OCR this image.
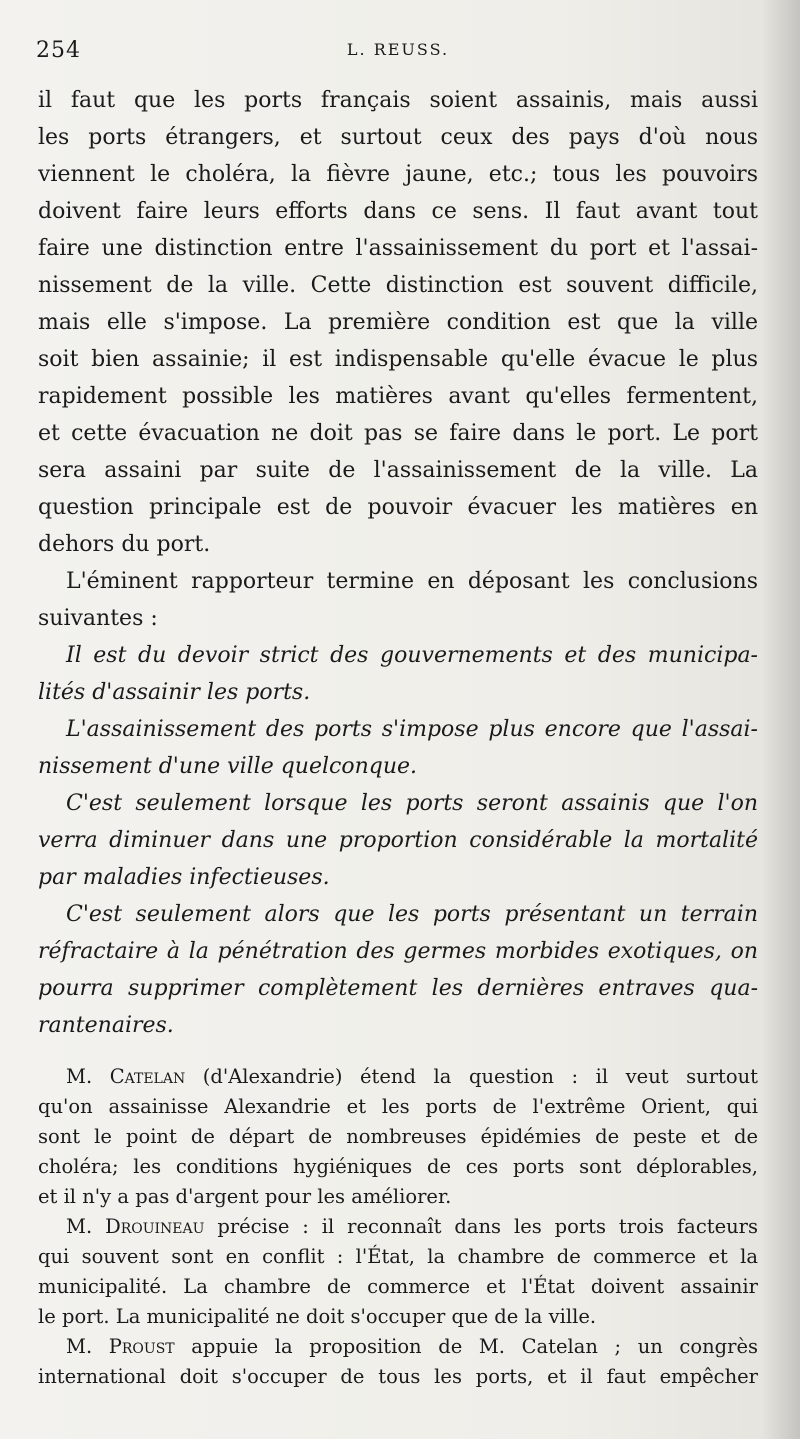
254	L. REUSS.
il faut que les ports français soient assainis, mais aussi
les ports étrangers, et surtout ceux des pays d'où nous
viennent le choléra, la fièvre jaune, etc.; tous les pouvoirs
doivent faire leurs efforts dans ce sens. Il faut avant tout
faire une distinction entre l'assainissement du port et l'assai-
nissement de la ville. Cette distinction est souvent difficile,
mais elle s'impose. La première condition est que la ville
soit bien assainie; il est indispensable qu'elle évacue le plus
rapidement possible les matières avant qu'elles fermentent,
et cette évacuation ne doit pas se faire dans le port. Le port
sera assaini par suite de l'assainissement de la ville. La
question principale est de pouvoir évacuer les matières en
dehors du port.
L'éminent rapporteur termine en déposant les conclusions
suivantes :
Il est du devoir strict des gouvernements et des municipa-
lités d'assainir les ports.
L'assainissement des ports s'impose plus encore que l'assai-
nissement d'une ville quelconque.
C'est seulement lorsque les ports seront assainis que l'on
verra diminuer dans une proportion considérable la mortalité
par maladies infectieuses.
C'est seulement alors que les ports présentant un terrain
réfractaire à la pénétration des germes morbides exotiques, on
pourra supprimer complètement les dernières entraves qua-
rantenaires.
M. Catelan (d'Alexandrie) étend la question : il veut surtout
qu'on assainisse Alexandrie et les ports de l'extrême Orient, qui
sont le point de départ de nombreuses épidémies de peste et de
choléra; les conditions hygiéniques de ces ports sont déplorables,
et il n'y a pas d'argent pour les améliorer.
M. Drouineau précise : il reconnaît dans les ports trois facteurs
qui souvent sont en conflit : l'État, la chambre de commerce et la
municipalité. La chambre de commerce et l'État doivent assainir
le port. La municipalité ne doit s'occuper que de la ville.
M. Proust appuie la proposition de M. Catelan ; un congrès
international doit s'occuper de tous les ports, et il faut empêcher
